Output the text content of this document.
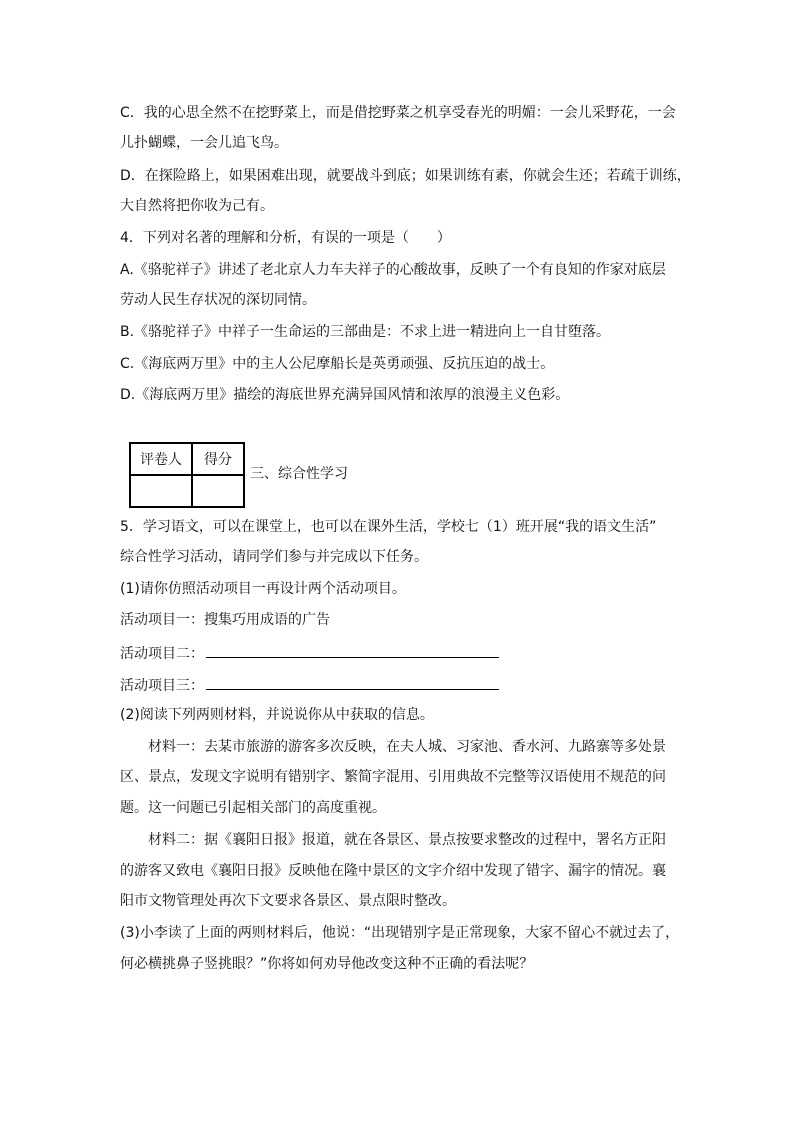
C．我的心思全然不在挖野菜上，而是借挖野菜之机享受春光的明媚：一会儿采野花，一会
儿扑蝴蝶，一会儿追飞鸟。
D．在探险路上，如果困难出现，就要战斗到底；如果训练有素，你就会生还；若疏于训练，
大自然将把你收为己有。
4．下列对名著的理解和分析，有误的一项是（　　）
A.《骆驼祥子》讲述了老北京人力车夫祥子的心酸故事，反映了一个有良知的作家对底层
劳动人民生存状况的深切同情。
B.《骆驼祥子》中祥子一生命运的三部曲是：不求上进一精进向上一自甘堕落。
C.《海底两万里》中的主人公尼摩船长是英勇顽强、反抗压迫的战士。
D.《海底两万里》描绘的海底世界充满异国风情和浓厚的浪漫主义色彩。
评卷人	得分

三、综合性学习
5．学习语文，可以在课堂上，也可以在课外生活，学校七（1）班开展“我的语文生活”
综合性学习活动，请同学们参与并完成以下任务。
(1)请你仿照活动项目一再设计两个活动项目。
活动项目一：搜集巧用成语的广告
活动项目二：
活动项目三：
(2)阅读下列两则材料，并说说你从中获取的信息。
材料一：去某市旅游的游客多次反映，在夫人城、习家池、香水河、九路寨等多处景
区、景点，发现文字说明有错别字、繁简字混用、引用典故不完整等汉语使用不规范的问
题。这一问题已引起相关部门的高度重视。
材料二：据《襄阳日报》报道，就在各景区、景点按要求整改的过程中，署名方正阳
的游客又致电《襄阳日报》反映他在隆中景区的文字介绍中发现了错字、漏字的情况。襄
阳市文物管理处再次下文要求各景区、景点限时整改。
(3)小李读了上面的两则材料后，他说：“出现错别字是正常现象，大家不留心不就过去了，
何必横挑鼻子竖挑眼？”你将如何劝导他改变这种不正确的看法呢？
